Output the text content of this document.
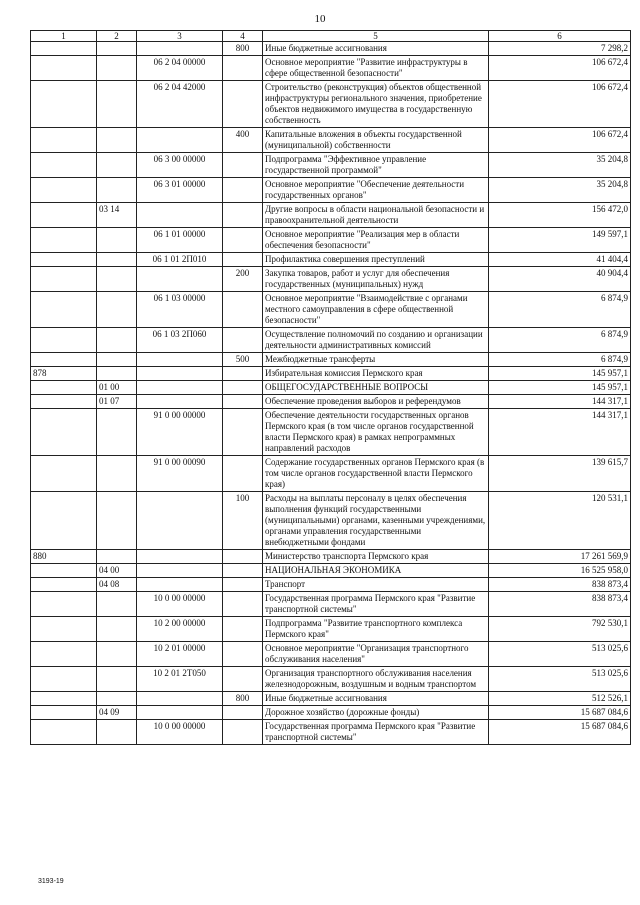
10
1	2	3	4	5	6
			800	Иные бюджетные ассигнования	7 298,2
		06 2 04 00000		Основное мероприятие "Развитие инфраструктуры в сфере общественной безопасности"	106 672,4
		06 2 04 42000		Строительство (реконструкция) объектов общественной инфраструктуры регионального значения, приобретение объектов недвижимого имущества в государственную собственность	106 672,4
			400	Капитальные вложения в объекты государственной (муниципальной) собственности	106 672,4
		06 3 00 00000		Подпрограмма "Эффективное управление государственной программой"	35 204,8
		06 3 01 00000		Основное мероприятие "Обеспечение деятельности государственных органов"	35 204,8
	03 14			Другие вопросы в области национальной безопасности и правоохранительной деятельности	156 472,0
		06 1 01 00000		Основное мероприятие "Реализация мер в области обеспечения безопасности"	149 597,1
		06 1 01 2П010		Профилактика совершения преступлений	41 404,4
			200	Закупка товаров, работ и услуг для обеспечения государственных (муниципальных) нужд	40 904,4
		06 1 03 00000		Основное мероприятие "Взаимодействие с органами местного самоуправления в сфере общественной безопасности"	6 874,9
		06 1 03 2П060		Осуществление полномочий по созданию и организации деятельности административных комиссий	6 874,9
			500	Межбюджетные трансферты	6 874,9
878				Избирательная комиссия Пермского края	145 957,1
	01 00			ОБЩЕГОСУДАРСТВЕННЫЕ ВОПРОСЫ	145 957,1
	01 07			Обеспечение проведения выборов и референдумов	144 317,1
		91 0 00 00000		Обеспечение деятельности государственных органов Пермского края (в том числе органов государственной власти Пермского края) в рамках непрограммных направлений расходов	144 317,1
		91 0 00 00090		Содержание государственных органов Пермского края (в том числе органов государственной власти Пермского края)	139 615,7
			100	Расходы на выплаты персоналу в целях обеспечения выполнения функций государственными (муниципальными) органами, казенными учреждениями, органами управления государственными внебюджетными фондами	120 531,1
880				Министерство транспорта Пермского края	17 261 569,9
	04 00			НАЦИОНАЛЬНАЯ ЭКОНОМИКА	16 525 958,0
	04 08			Транспорт	838 873,4
		10 0 00 00000		Государственная программа Пермского края "Развитие транспортной системы"	838 873,4
		10 2 00 00000		Подпрограмма "Развитие транспортного комплекса Пермского края"	792 530,1
		10 2 01 00000		Основное мероприятие "Организация транспортного обслуживания населения"	513 025,6
		10 2 01 2Т050		Организация транспортного обслуживания населения железнодорожным, воздушным и водным транспортом	513 025,6
			800	Иные бюджетные ассигнования	512 526,1
	04 09			Дорожное хозяйство (дорожные фонды)	15 687 084,6
		10 0 00 00000		Государственная программа Пермского края "Развитие транспортной системы"	15 687 084,6
3193-19
